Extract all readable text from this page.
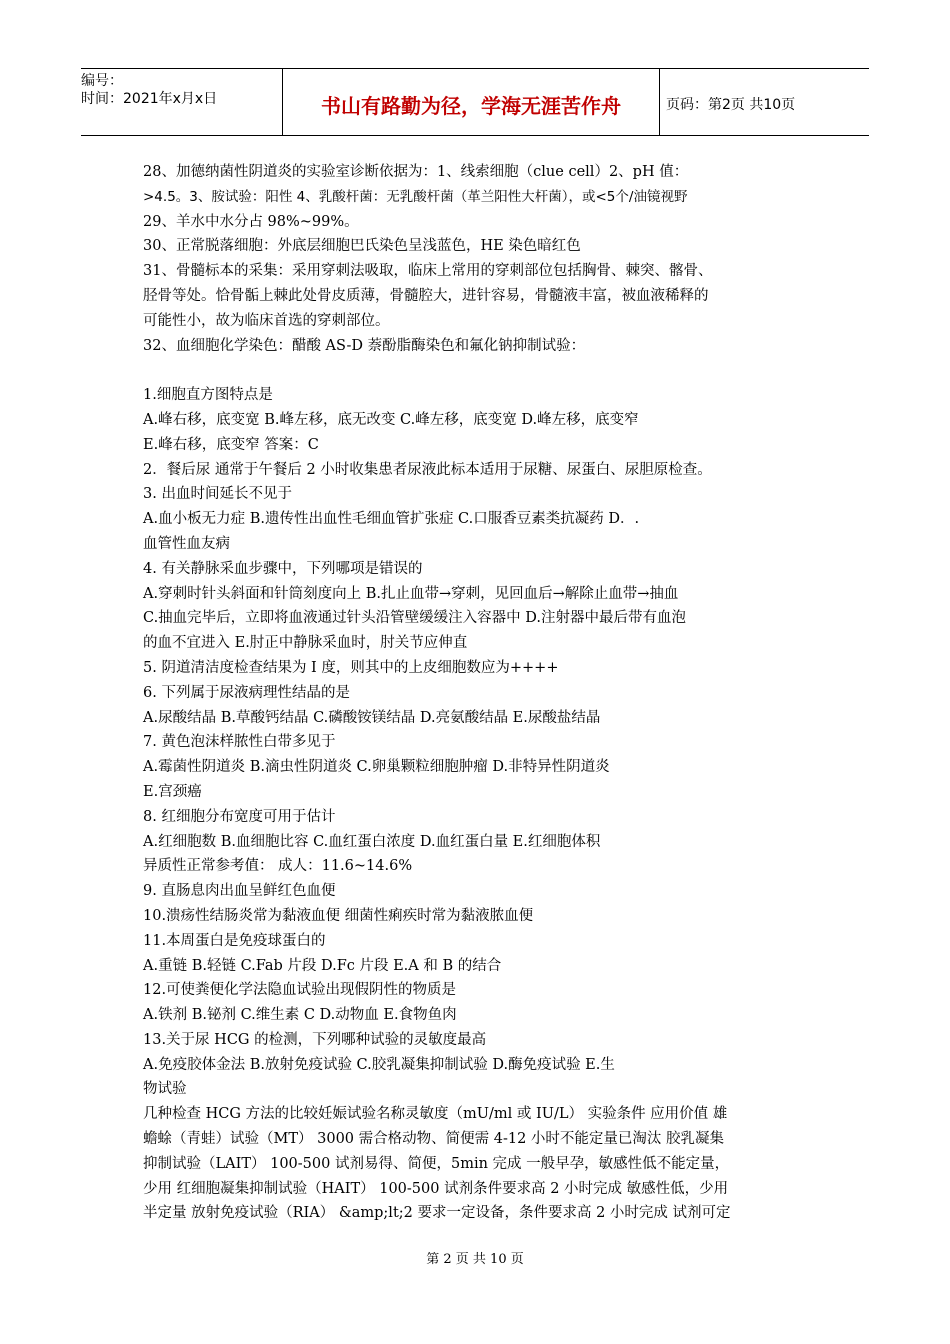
编号：
时间：2021年x月x日	书山有路勤为径，学海无涯苦作舟	页码：第2页 共10页
28、加德纳菌性阴道炎的实验室诊断依据为：1、线索细胞（clue cell）2、pH 值：
>4.5。3、胺试验：阳性 4、乳酸杆菌：无乳酸杆菌（革兰阳性大杆菌），或<5个/油镜视野
29、羊水中水分占 98%~99%。
30、正常脱落细胞：外底层细胞巴氏染色呈浅蓝色，HE 染色暗红色
31、骨髓标本的采集：采用穿刺法吸取，临床上常用的穿刺部位包括胸骨、棘突、髂骨、
胫骨等处。恰骨骺上棘此处骨皮质薄，骨髓腔大，进针容易，骨髓液丰富，被血液稀释的
可能性小，故为临床首选的穿刺部位。
32、血细胞化学染色：醋酸 AS-D 萘酚脂酶染色和氟化钠抑制试验：
1.细胞直方图特点是
A.峰右移，底变宽 B.峰左移，底无改变 C.峰左移，底变宽 D.峰左移，底变窄
E.峰右移，底变窄 答案：C
2．餐后尿 通常于午餐后 2 小时收集患者尿液此标本适用于尿糖、尿蛋白、尿胆原检查。
3. 出血时间延长不见于
A.血小板无力症 B.遗传性出血性毛细血管扩张症 C.口服香豆素类抗凝药 D．.
血管性血友病
4. 有关静脉采血步骤中，下列哪项是错误的
A.穿刺时针头斜面和针筒刻度向上 B.扎止血带→穿刺，见回血后→解除止血带→抽血
C.抽血完毕后，立即将血液通过针头沿管壁缓缓注入容器中 D.注射器中最后带有血泡
的血不宜进入 E.肘正中静脉采血时，肘关节应伸直
5. 阴道清洁度检查结果为 I 度，则其中的上皮细胞数应为++++
6. 下列属于尿液病理性结晶的是
A.尿酸结晶 B.草酸钙结晶 C.磷酸铵镁结晶 D.亮氨酸结晶 E.尿酸盐结晶
7. 黄色泡沫样脓性白带多见于
A.霉菌性阴道炎 B.滴虫性阴道炎 C.卵巢颗粒细胞肿瘤 D.非特异性阴道炎
E.宫颈癌
8. 红细胞分布宽度可用于估计
A.红细胞数 B.血细胞比容 C.血红蛋白浓度 D.血红蛋白量 E.红细胞体积
异质性正常参考值： 成人：11.6~14.6%
9. 直肠息肉出血呈鲜红色血便
10.溃疡性结肠炎常为黏液血便 细菌性痢疾时常为黏液脓血便
11.本周蛋白是免疫球蛋白的
A.重链 B.轻链 C.Fab 片段 D.Fc 片段 E.A 和 B 的结合
12.可使粪便化学法隐血试验出现假阴性的物质是
A.铁剂 B.铋剂 C.维生素 C D.动物血 E.食物鱼肉
13.关于尿 HCG 的检测，下列哪种试验的灵敏度最高
A.免疫胶体金法 B.放射免疫试验 C.胶乳凝集抑制试验 D.酶免疫试验 E.生
物试验
几种检查 HCG 方法的比较妊娠试验名称灵敏度（mU/ml 或 IU/L） 实验条件 应用价值 雄
蟾蜍（青蛙）试验（MT） 3000 需合格动物、简便需 4-12 小时不能定量已淘汰 胶乳凝集
抑制试验（LAIT） 100-500 试剂易得、简便，5min 完成 一般早孕，敏感性低不能定量，
少用 红细胞凝集抑制试验（HAIT） 100-500 试剂条件要求高 2 小时完成 敏感性低，少用
半定量 放射免疫试验（RIA） &amp;lt;2 要求一定设备，条件要求高 2 小时完成 试剂可定
第 2 页 共 10 页
